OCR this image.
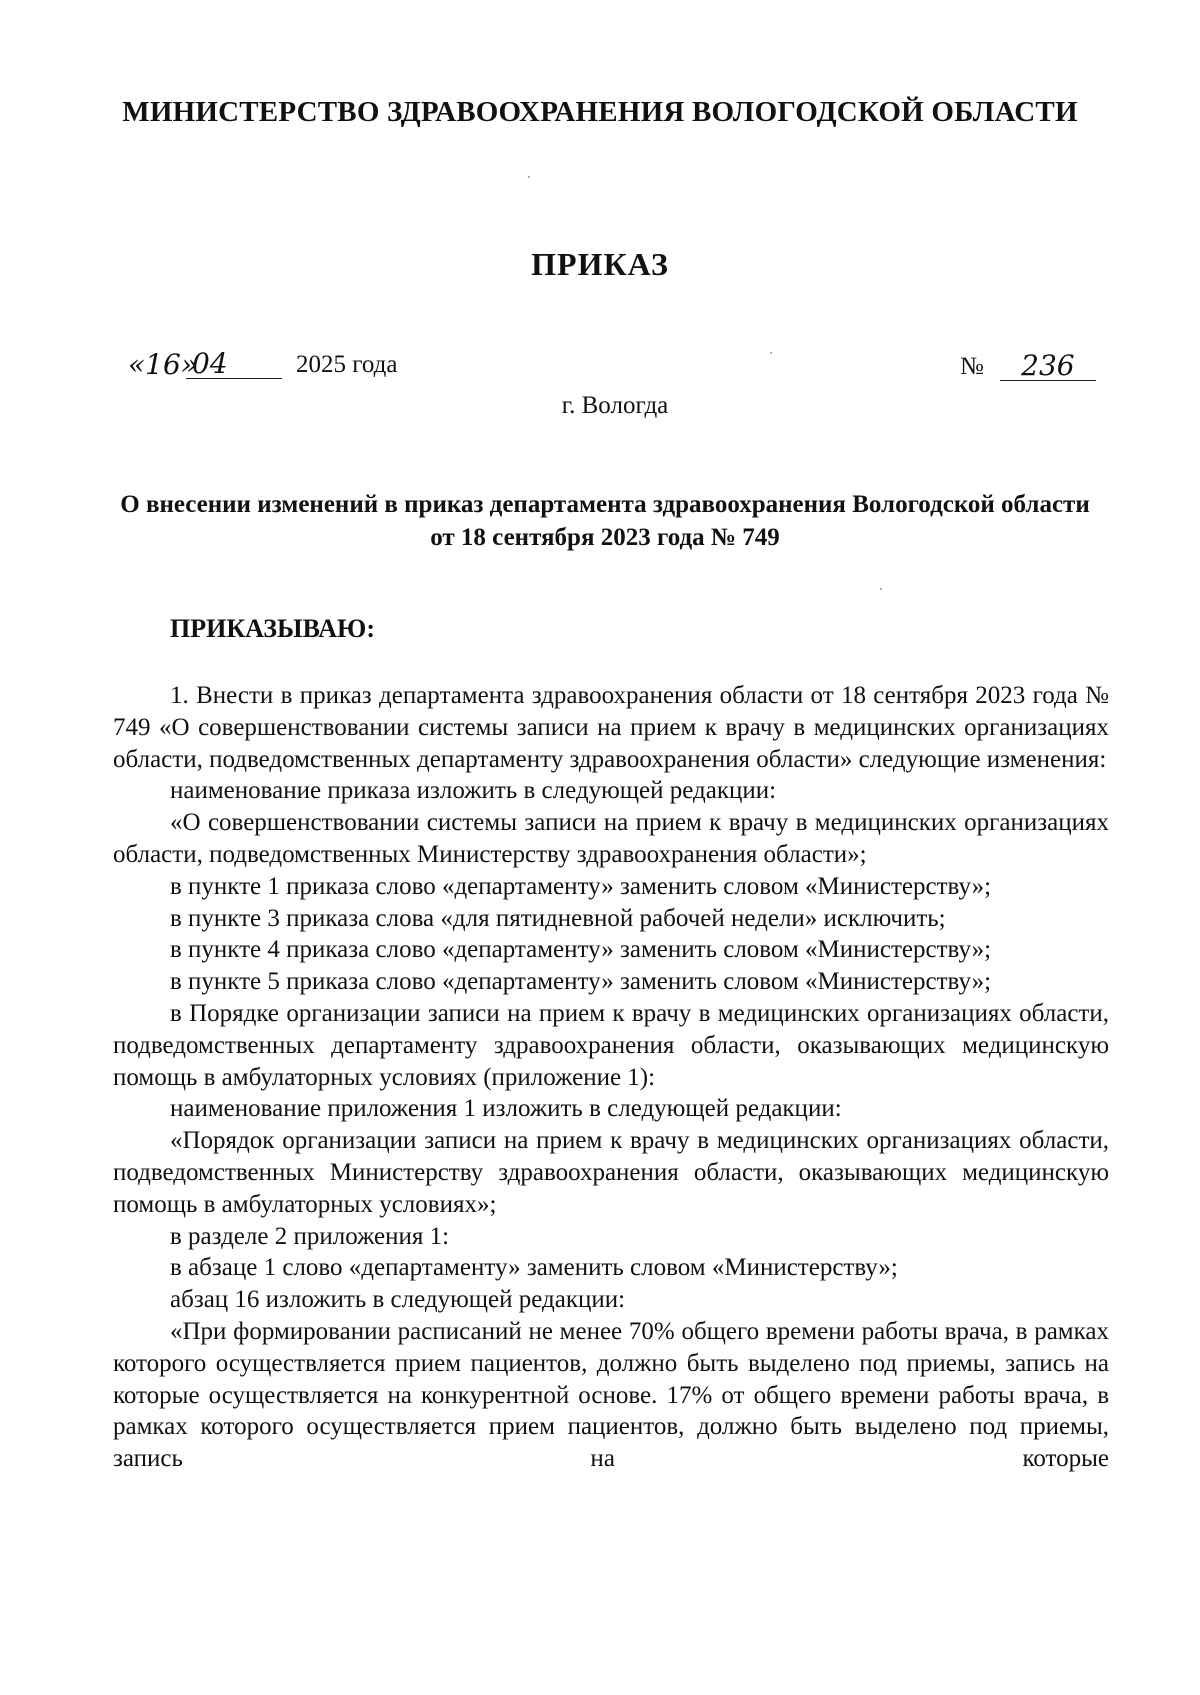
МИНИСТЕРСТВО ЗДРАВООХРАНЕНИЯ ВОЛОГОДСКОЙ ОБЛАСТИ
ПРИКАЗ
«16»
04	2025 года	№	236
г. Вологда
О внесении изменений в приказ департамента здравоохранения Вологодской области от 18 сентября 2023 года № 749
ПРИКАЗЫВАЮ:

1. Внести в приказ департамента здравоохранения области от 18 сентября 2023 года № 749 «О совершенствовании системы записи на прием к врачу в медицинских организациях области, подведомственных департаменту здравоохранения области» следующие изменения:

наименование приказа изложить в следующей редакции:

«О совершенствовании системы записи на прием к врачу в медицинских организациях области, подведомственных Министерству здравоохранения области»;

в пункте 1 приказа слово «департаменту» заменить словом «Министерству»;

в пункте 3 приказа слова «для пятидневной рабочей недели» исключить;

в пункте 4 приказа слово «департаменту» заменить словом «Министерству»;

в пункте 5 приказа слово «департаменту» заменить словом «Министерству»;

в Порядке организации записи на прием к врачу в медицинских организациях области, подведомственных департаменту здравоохранения области, оказывающих медицинскую помощь в амбулаторных условиях (приложение 1):

наименование приложения 1 изложить в следующей редакции:

«Порядок организации записи на прием к врачу в медицинских организациях области, подведомственных Министерству здравоохранения области, оказывающих медицинскую помощь в амбулаторных условиях»;

в разделе 2 приложения 1:

в абзаце 1 слово «департаменту» заменить словом «Министерству»;

абзац 16 изложить в следующей редакции:

«При формировании расписаний не менее 70% общего времени работы врача, в рамках которого осуществляется прием пациентов, должно быть выделено под приемы, запись на которые осуществляется на конкурентной основе. 17% от общего времени работы врача, в рамках которого осуществляется прием пациентов, должно быть выделено под приемы, запись на которые
